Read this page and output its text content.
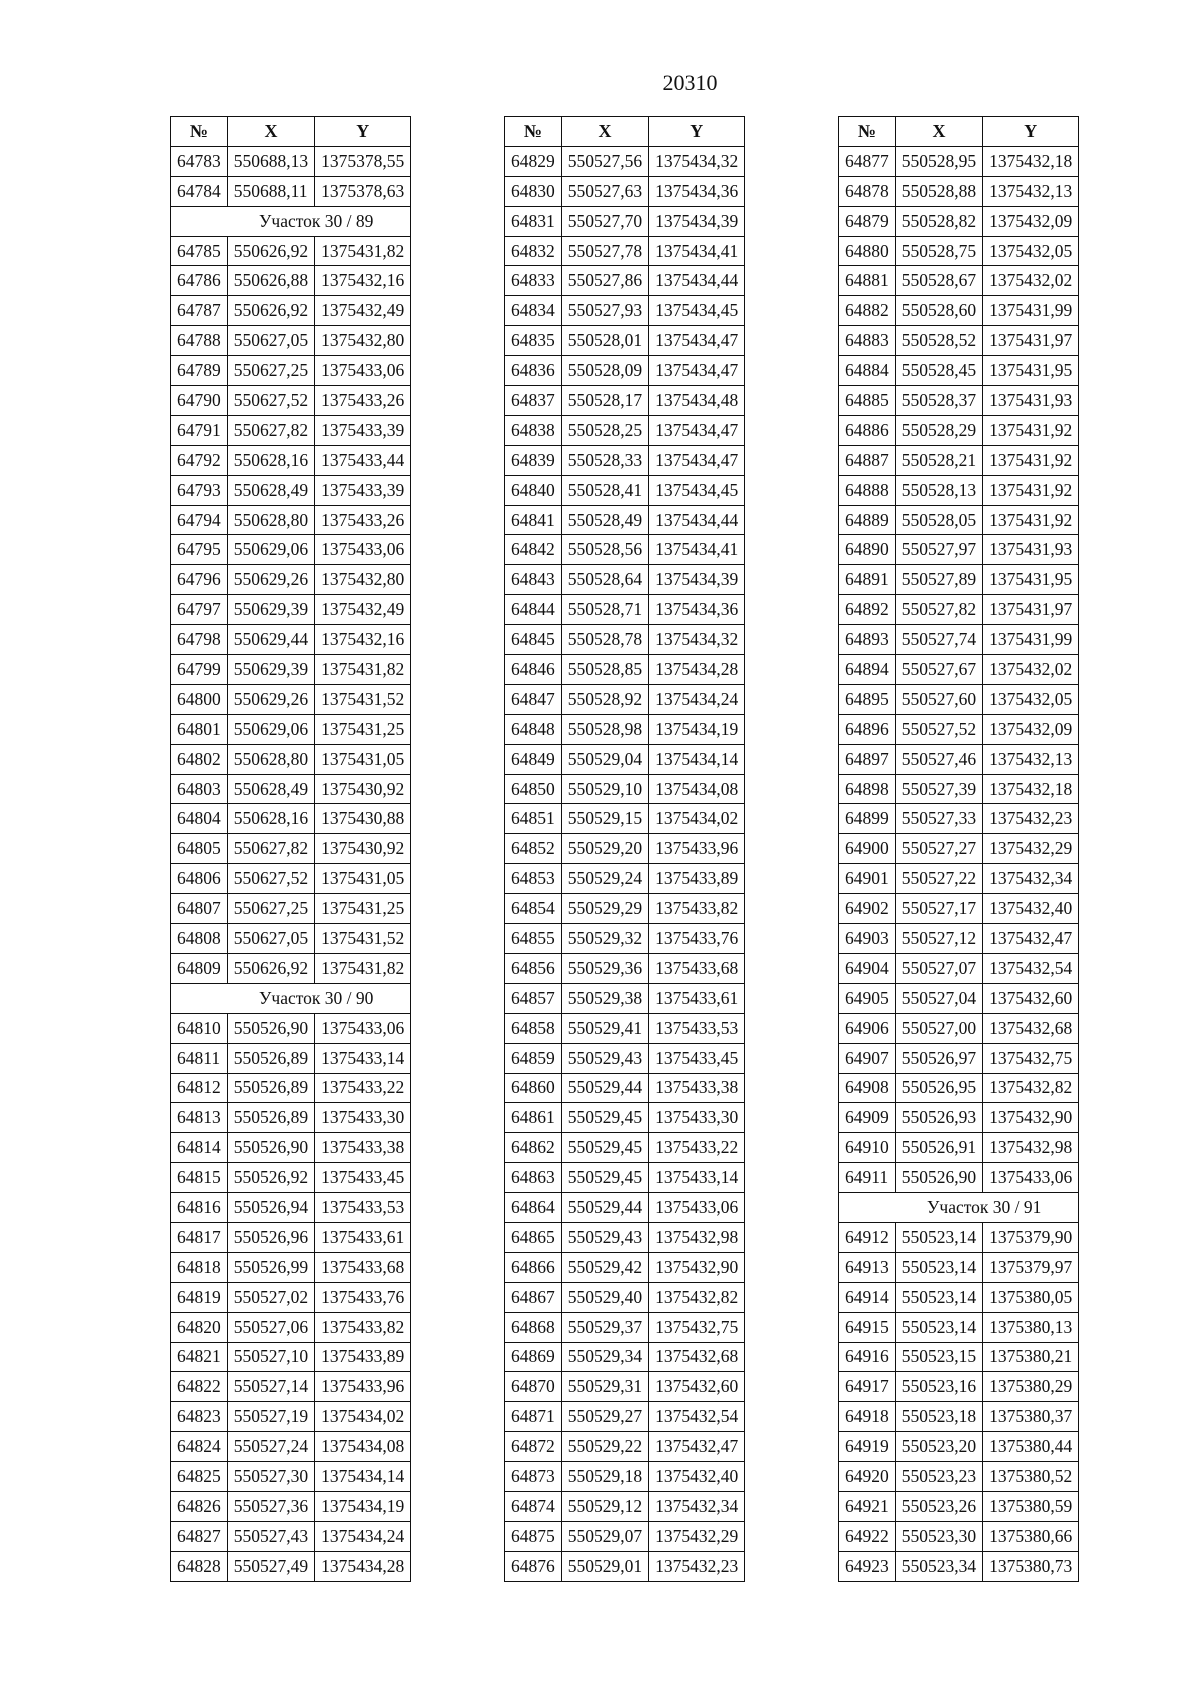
20310
№	X	Y
64783	550688,13	1375378,55
64784	550688,11	1375378,63
Участок 30 / 89		
64785	550626,92	1375431,82
64786	550626,88	1375432,16
64787	550626,92	1375432,49
64788	550627,05	1375432,80
64789	550627,25	1375433,06
64790	550627,52	1375433,26
64791	550627,82	1375433,39
64792	550628,16	1375433,44
64793	550628,49	1375433,39
64794	550628,80	1375433,26
64795	550629,06	1375433,06
64796	550629,26	1375432,80
64797	550629,39	1375432,49
64798	550629,44	1375432,16
64799	550629,39	1375431,82
64800	550629,26	1375431,52
64801	550629,06	1375431,25
64802	550628,80	1375431,05
64803	550628,49	1375430,92
64804	550628,16	1375430,88
64805	550627,82	1375430,92
64806	550627,52	1375431,05
64807	550627,25	1375431,25
64808	550627,05	1375431,52
64809	550626,92	1375431,82
Участок 30 / 90		
64810	550526,90	1375433,06
64811	550526,89	1375433,14
64812	550526,89	1375433,22
64813	550526,89	1375433,30
64814	550526,90	1375433,38
64815	550526,92	1375433,45
64816	550526,94	1375433,53
64817	550526,96	1375433,61
64818	550526,99	1375433,68
64819	550527,02	1375433,76
64820	550527,06	1375433,82
64821	550527,10	1375433,89
64822	550527,14	1375433,96
64823	550527,19	1375434,02
64824	550527,24	1375434,08
64825	550527,30	1375434,14
64826	550527,36	1375434,19
64827	550527,43	1375434,24
64828	550527,49	1375434,28
№	X	Y
64829	550527,56	1375434,32
64830	550527,63	1375434,36
64831	550527,70	1375434,39
64832	550527,78	1375434,41
64833	550527,86	1375434,44
64834	550527,93	1375434,45
64835	550528,01	1375434,47
64836	550528,09	1375434,47
64837	550528,17	1375434,48
64838	550528,25	1375434,47
64839	550528,33	1375434,47
64840	550528,41	1375434,45
64841	550528,49	1375434,44
64842	550528,56	1375434,41
64843	550528,64	1375434,39
64844	550528,71	1375434,36
64845	550528,78	1375434,32
64846	550528,85	1375434,28
64847	550528,92	1375434,24
64848	550528,98	1375434,19
64849	550529,04	1375434,14
64850	550529,10	1375434,08
64851	550529,15	1375434,02
64852	550529,20	1375433,96
64853	550529,24	1375433,89
64854	550529,29	1375433,82
64855	550529,32	1375433,76
64856	550529,36	1375433,68
64857	550529,38	1375433,61
64858	550529,41	1375433,53
64859	550529,43	1375433,45
64860	550529,44	1375433,38
64861	550529,45	1375433,30
64862	550529,45	1375433,22
64863	550529,45	1375433,14
64864	550529,44	1375433,06
64865	550529,43	1375432,98
64866	550529,42	1375432,90
64867	550529,40	1375432,82
64868	550529,37	1375432,75
64869	550529,34	1375432,68
64870	550529,31	1375432,60
64871	550529,27	1375432,54
64872	550529,22	1375432,47
64873	550529,18	1375432,40
64874	550529,12	1375432,34
64875	550529,07	1375432,29
64876	550529,01	1375432,23
№	X	Y
64877	550528,95	1375432,18
64878	550528,88	1375432,13
64879	550528,82	1375432,09
64880	550528,75	1375432,05
64881	550528,67	1375432,02
64882	550528,60	1375431,99
64883	550528,52	1375431,97
64884	550528,45	1375431,95
64885	550528,37	1375431,93
64886	550528,29	1375431,92
64887	550528,21	1375431,92
64888	550528,13	1375431,92
64889	550528,05	1375431,92
64890	550527,97	1375431,93
64891	550527,89	1375431,95
64892	550527,82	1375431,97
64893	550527,74	1375431,99
64894	550527,67	1375432,02
64895	550527,60	1375432,05
64896	550527,52	1375432,09
64897	550527,46	1375432,13
64898	550527,39	1375432,18
64899	550527,33	1375432,23
64900	550527,27	1375432,29
64901	550527,22	1375432,34
64902	550527,17	1375432,40
64903	550527,12	1375432,47
64904	550527,07	1375432,54
64905	550527,04	1375432,60
64906	550527,00	1375432,68
64907	550526,97	1375432,75
64908	550526,95	1375432,82
64909	550526,93	1375432,90
64910	550526,91	1375432,98
64911	550526,90	1375433,06
Участок 30 / 91		
64912	550523,14	1375379,90
64913	550523,14	1375379,97
64914	550523,14	1375380,05
64915	550523,14	1375380,13
64916	550523,15	1375380,21
64917	550523,16	1375380,29
64918	550523,18	1375380,37
64919	550523,20	1375380,44
64920	550523,23	1375380,52
64921	550523,26	1375380,59
64922	550523,30	1375380,66
64923	550523,34	1375380,73
